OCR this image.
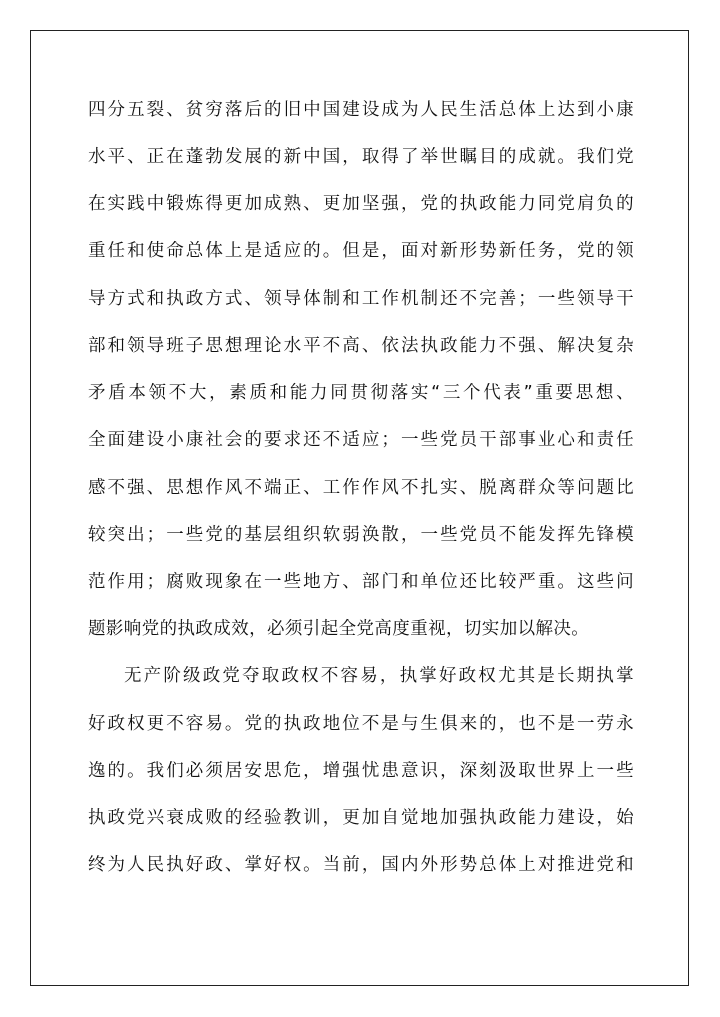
四分五裂、贫穷落后的旧中国建设成为人民生活总体上达到小康
水平、正在蓬勃发展的新中国，取得了举世瞩目的成就。我们党
在实践中锻炼得更加成熟、更加坚强，党的执政能力同党肩负的
重任和使命总体上是适应的。但是，面对新形势新任务，党的领
导方式和执政方式、领导体制和工作机制还不完善；一些领导干
部和领导班子思想理论水平不高、依法执政能力不强、解决复杂
矛盾本领不大，素质和能力同贯彻落实“三个代表”重要思想、
全面建设小康社会的要求还不适应；一些党员干部事业心和责任
感不强、思想作风不端正、工作作风不扎实、脱离群众等问题比
较突出；一些党的基层组织软弱涣散，一些党员不能发挥先锋模
范作用；腐败现象在一些地方、部门和单位还比较严重。这些问
题影响党的执政成效，必须引起全党高度重视，切实加以解决。
无产阶级政党夺取政权不容易，执掌好政权尤其是长期执掌
好政权更不容易。党的执政地位不是与生俱来的，也不是一劳永
逸的。我们必须居安思危，增强忧患意识，深刻汲取世界上一些
执政党兴衰成败的经验教训，更加自觉地加强执政能力建设，始
终为人民执好政、掌好权。当前，国内外形势总体上对推进党和
